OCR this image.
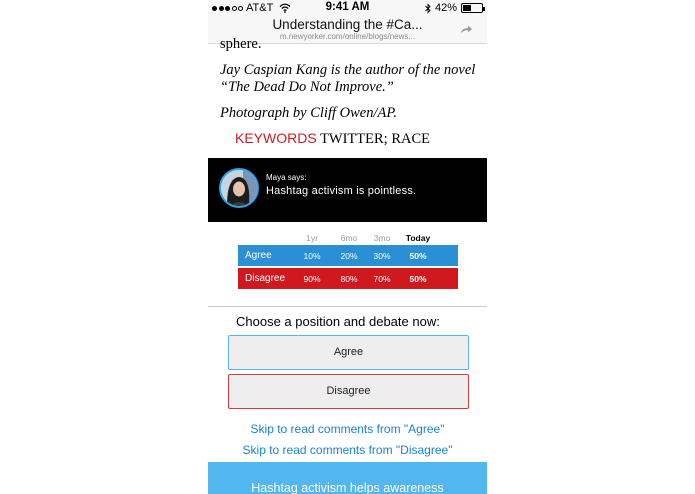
AT&T	9:41 AM	42%
Understanding the #Ca...
m.newyorker.com/online/blogs/news...

sphere.

Jay Caspian Kang is the author of the novel
“The Dead Do Not Improve.”

Photograph by Cliff Owen/AP.

KEYWORDS TWITTER; RACE

Maya says:
Hashtag activism is pointless.
1yr	6mo	3mo	Today
Agree	10%	20%	30%	50%
Disagree	90%	80%	70%	50%
Choose a position and debate now:
Agree
Disagree
Skip to read comments from "Agree"
Skip to read comments from "Disagree"
Hashtag activism helps awareness
